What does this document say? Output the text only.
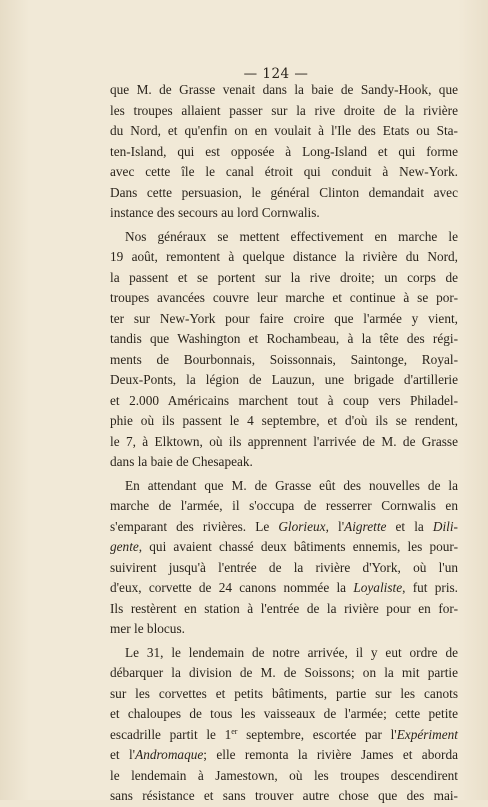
— 124 —
que M. de Grasse venait dans la baie de Sandy-Hook, que
les troupes allaient passer sur la rive droite de la rivière
du Nord, et qu'enfin on en voulait à l'Ile des Etats ou Sta-
ten-Island, qui est opposée à Long-Island et qui forme
avec cette île le canal étroit qui conduit à New-York.
Dans cette persuasion, le général Clinton demandait avec
instance des secours au lord Cornwalis.
Nos généraux se mettent effectivement en marche le
19 août, remontent à quelque distance la rivière du Nord,
la passent et se portent sur la rive droite; un corps de
troupes avancées couvre leur marche et continue à se por-
ter sur New-York pour faire croire que l'armée y vient,
tandis que Washington et Rochambeau, à la tête des régi-
ments de Bourbonnais, Soissonnais, Saintonge, Royal-
Deux-Ponts, la légion de Lauzun, une brigade d'artillerie
et 2.000 Américains marchent tout à coup vers Philadel-
phie où ils passent le 4 septembre, et d'où ils se rendent,
le 7, à Elktown, où ils apprennent l'arrivée de M. de Grasse
dans la baie de Chesapeak.
En attendant que M. de Grasse eût des nouvelles de la
marche de l'armée, il s'occupa de resserrer Cornwalis en
s'emparant des rivières. Le Glorieux, l'Aigrette et la Dili-
gente, qui avaient chassé deux bâtiments ennemis, les pour-
suivirent jusqu'à l'entrée de la rivière d'York, où l'un
d'eux, corvette de 24 canons nommée la Loyaliste, fut pris.
Ils restèrent en station à l'entrée de la rivière pour en for-
mer le blocus.
Le 31, le lendemain de notre arrivée, il y eut ordre de
débarquer la division de M. de Soissons; on la mit partie
sur les corvettes et petits bâtiments, partie sur les canots
et chaloupes de tous les vaisseaux de l'armée; cette petite
escadrille partit le 1er septembre, escortée par l'Expériment
et l'Andromaque; elle remonta la rivière James et aborda
le lendemain à Jamestown, où les troupes descendirent
sans résistance et sans trouver autre chose que des mai-
